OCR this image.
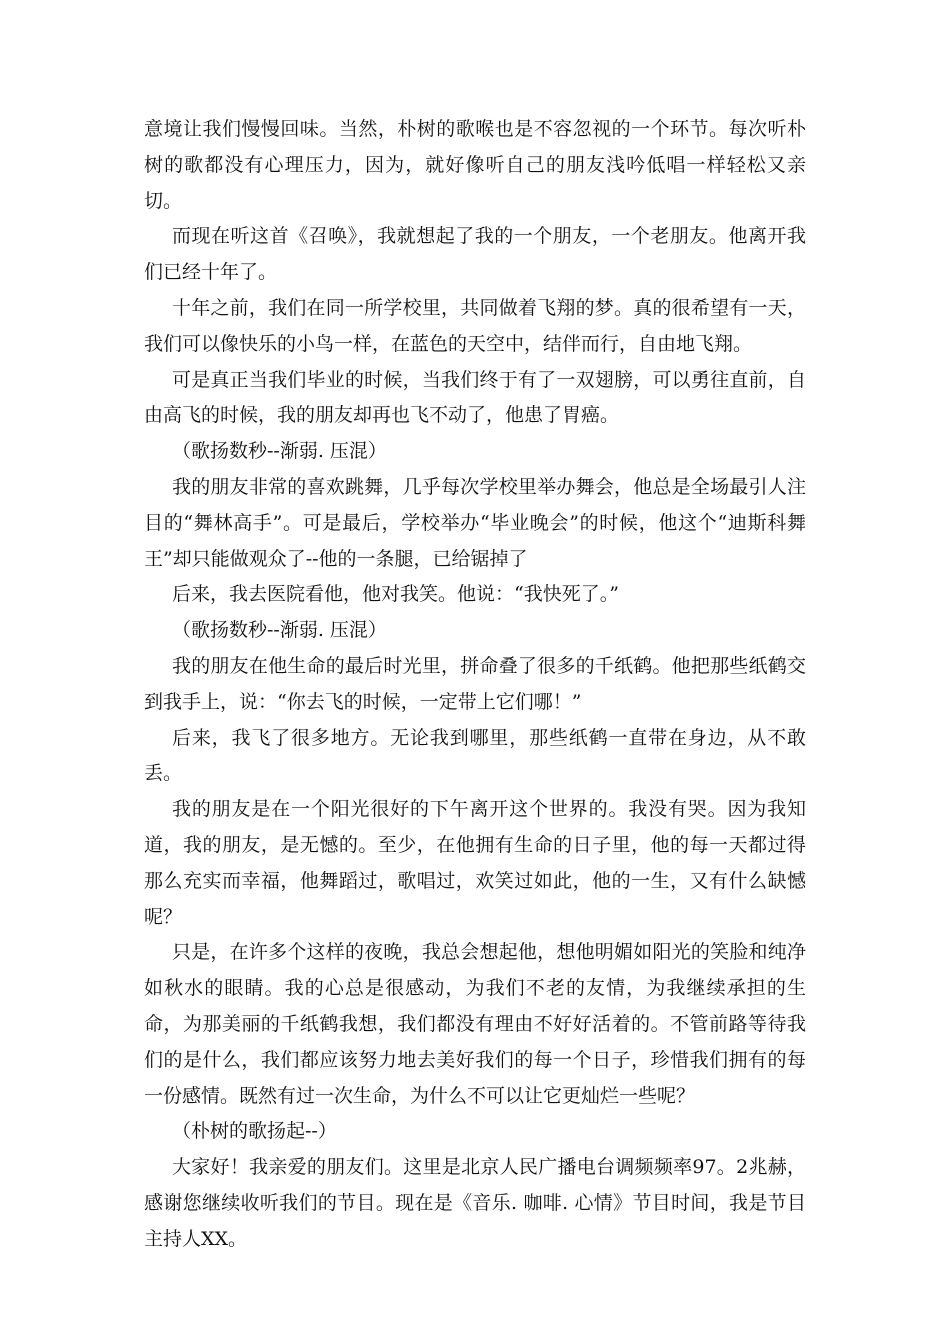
意境让我们慢慢回味。当然，朴树的歌喉也是不容忽视的一个环节。每次听朴树的歌都没有心理压力，因为，就好像听自己的朋友浅吟低唱一样轻松又亲切。

而现在听这首《召唤》，我就想起了我的一个朋友，一个老朋友。他离开我们已经十年了。

十年之前，我们在同一所学校里，共同做着飞翔的梦。真的很希望有一天，我们可以像快乐的小鸟一样，在蓝色的天空中，结伴而行，自由地飞翔。

可是真正当我们毕业的时候，当我们终于有了一双翅膀，可以勇往直前，自由高飞的时候，我的朋友却再也飞不动了，他患了胃癌。

（歌扬数秒--渐弱. 压混）

我的朋友非常的喜欢跳舞，几乎每次学校里举办舞会，他总是全场最引人注目的“舞林高手”。可是最后，学校举办“毕业晚会”的时候，他这个“迪斯科舞王”却只能做观众了--他的一条腿，已给锯掉了

后来，我去医院看他，他对我笑。他说：“我快死了。”

（歌扬数秒--渐弱. 压混）

我的朋友在他生命的最后时光里，拼命叠了很多的千纸鹤。他把那些纸鹤交到我手上，说：“你去飞的时候，一定带上它们哪！”

后来，我飞了很多地方。无论我到哪里，那些纸鹤一直带在身边，从不敢丢。

我的朋友是在一个阳光很好的下午离开这个世界的。我没有哭。因为我知道，我的朋友，是无憾的。至少，在他拥有生命的日子里，他的每一天都过得那么充实而幸福，他舞蹈过，歌唱过，欢笑过如此，他的一生，又有什么缺憾呢？

只是，在许多个这样的夜晚，我总会想起他，想他明媚如阳光的笑脸和纯净如秋水的眼睛。我的心总是很感动，为我们不老的友情，为我继续承担的生命，为那美丽的千纸鹤我想，我们都没有理由不好好活着的。不管前路等待我们的是什么，我们都应该努力地去美好我们的每一个日子，珍惜我们拥有的每一份感情。既然有过一次生命，为什么不可以让它更灿烂一些呢？

（朴树的歌扬起--）

大家好！我亲爱的朋友们。这里是北京人民广播电台调频频率97。2兆赫，感谢您继续收听我们的节目。现在是《音乐. 咖啡. 心情》节目时间，我是节目主持人XX。
